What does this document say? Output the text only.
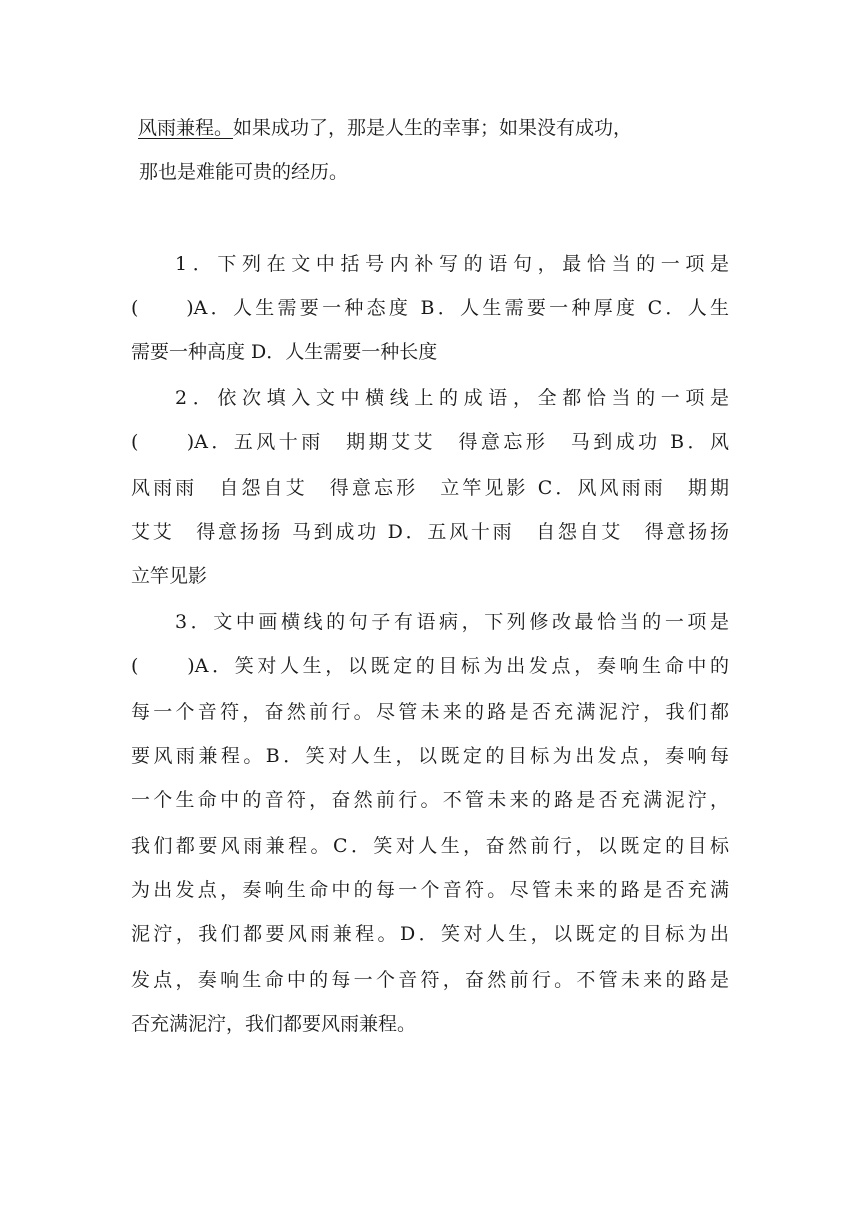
风雨兼程。如果成功了，那是人生的幸事；如果没有成功，
那也是难能可贵的经历。
1．下列在文中括号内补写的语句，最恰当的一项是
(　　)A．人生需要一种态度 B．人生需要一种厚度 C．人生
需要一种高度 D．人生需要一种长度
2．依次填入文中横线上的成语，全都恰当的一项是
(　　)A．五风十雨　期期艾艾　得意忘形　马到成功 B．风
风雨雨　自怨自艾　得意忘形　立竿见影 C．风风雨雨　期期
艾艾　得意扬扬 马到成功 D．五风十雨　自怨自艾　得意扬扬
立竿见影
3．文中画横线的句子有语病，下列修改最恰当的一项是
(　　)A．笑对人生，以既定的目标为出发点，奏响生命中的
每一个音符，奋然前行。尽管未来的路是否充满泥泞，我们都
要风雨兼程。B．笑对人生，以既定的目标为出发点，奏响每
一个生命中的音符，奋然前行。不管未来的路是否充满泥泞，
我们都要风雨兼程。C．笑对人生，奋然前行，以既定的目标
为出发点，奏响生命中的每一个音符。尽管未来的路是否充满
泥泞，我们都要风雨兼程。D．笑对人生，以既定的目标为出
发点，奏响生命中的每一个音符，奋然前行。不管未来的路是
否充满泥泞，我们都要风雨兼程。
